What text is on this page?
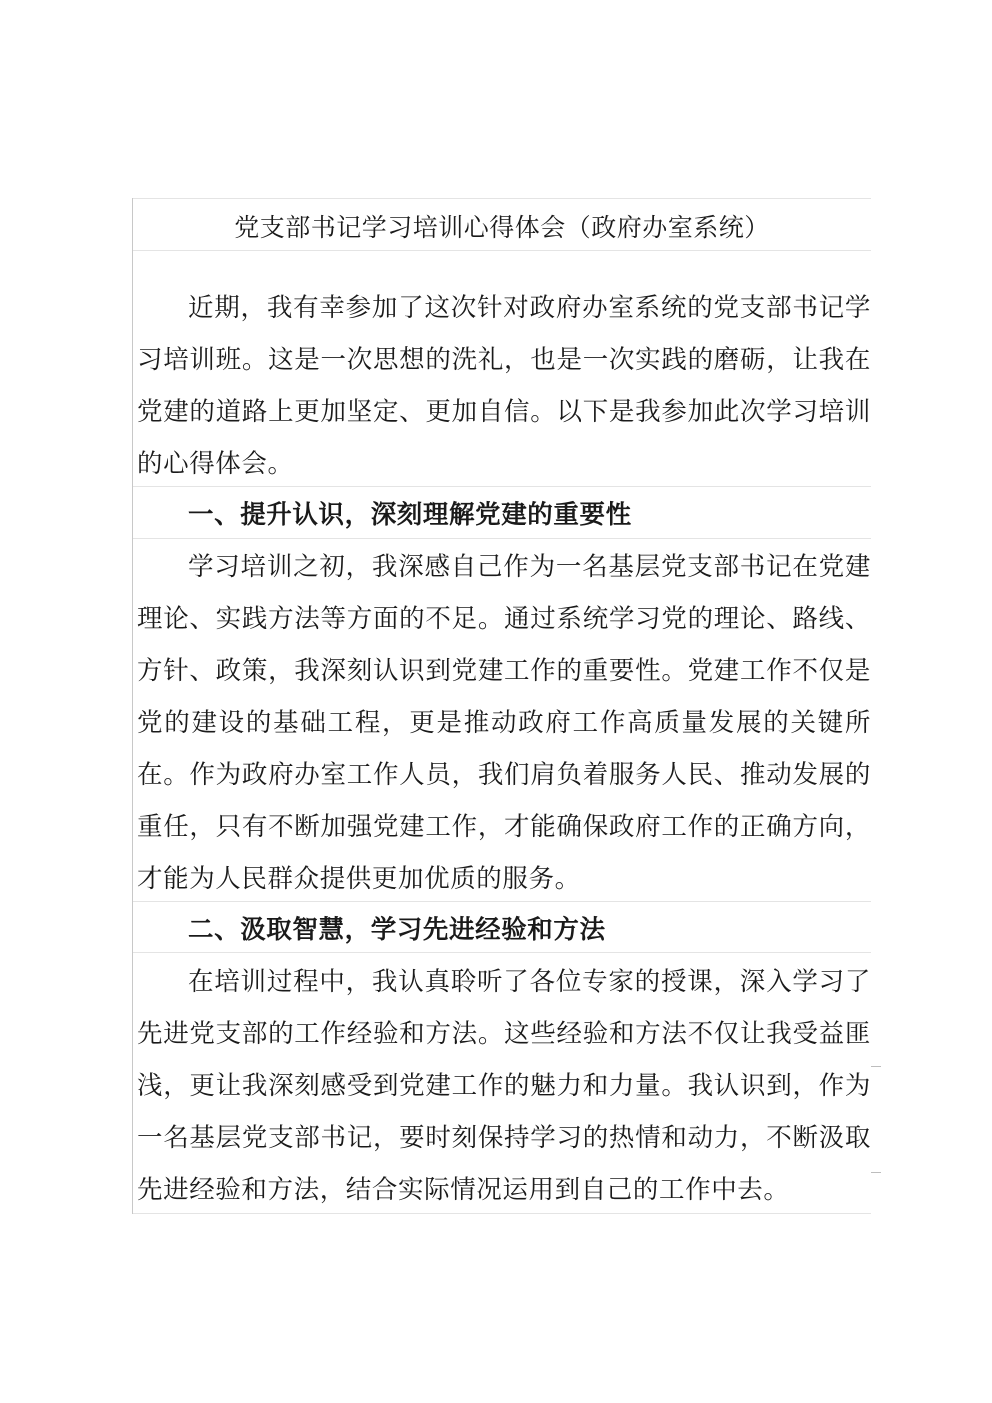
党支部书记学习培训心得体会（政府办室系统）

近期，我有幸参加了这次针对政府办室系统的党支部书记学习培训班。这是一次思想的洗礼，也是一次实践的磨砺，让我在党建的道路上更加坚定、更加自信。以下是我参加此次学习培训的心得体会。

一、提升认识，深刻理解党建的重要性

学习培训之初，我深感自己作为一名基层党支部书记在党建理论、实践方法等方面的不足。通过系统学习党的理论、路线、方针、政策，我深刻认识到党建工作的重要性。党建工作不仅是党的建设的基础工程，更是推动政府工作高质量发展的关键所在。作为政府办室工作人员，我们肩负着服务人民、推动发展的重任，只有不断加强党建工作，才能确保政府工作的正确方向，才能为人民群众提供更加优质的服务。

二、汲取智慧，学习先进经验和方法

在培训过程中，我认真聆听了各位专家的授课，深入学习了先进党支部的工作经验和方法。这些经验和方法不仅让我受益匪浅，更让我深刻感受到党建工作的魅力和力量。我认识到，作为一名基层党支部书记，要时刻保持学习的热情和动力，不断汲取先进经验和方法，结合实际情况运用到自己的工作中去。
